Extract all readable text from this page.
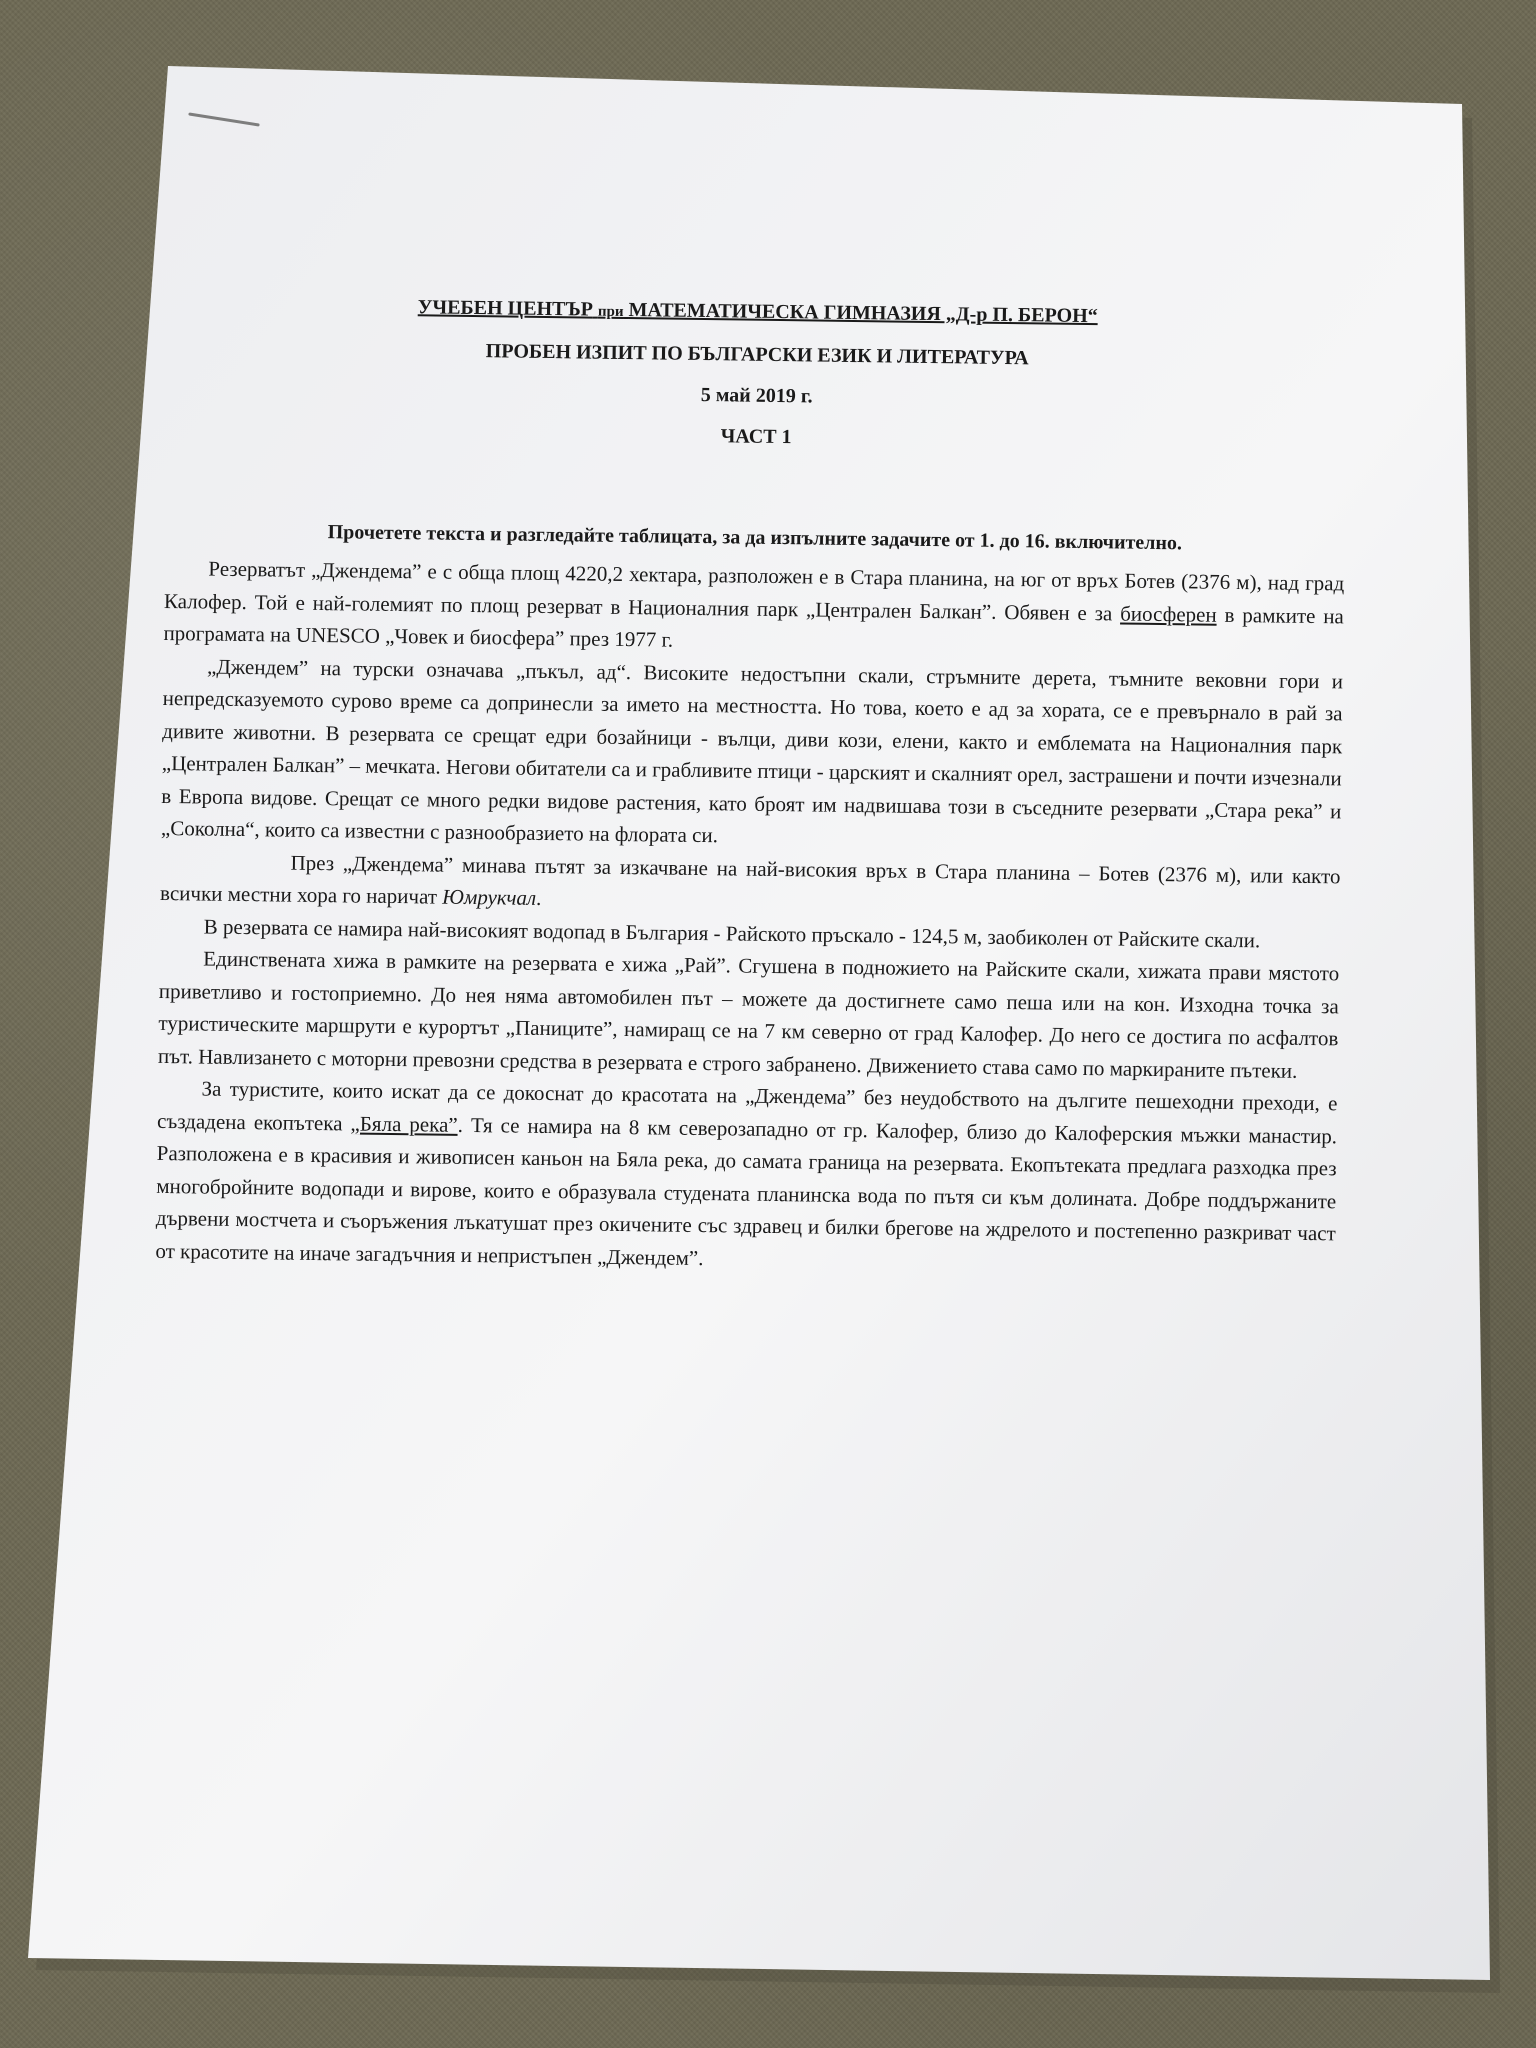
УЧЕБЕН ЦЕНТЪР при МАТЕМАТИЧЕСКА ГИМНАЗИЯ „Д-р П. БЕРОН“
ПРОБЕН ИЗПИТ ПО БЪЛГАРСКИ ЕЗИК И ЛИТЕРАТУРА
5 май 2019 г.
ЧАСТ 1
Прочетете текста и разгледайте таблицата, за да изпълните задачите от 1. до 16. включително.

Резерватът „Джендема” е с обща площ 4220,2 хектара, разположен е в Стара планина, на юг от връх Ботев (2376 м), над град Калофер. Той е най-големият по площ резерват в Националния парк „Централен Балкан”. Обявен е за биосферен в рамките на програмата на UNESCO „Човек и биосфера” през 1977 г.

„Джендем” на турски означава „пъкъл, ад“. Високите недостъпни скали, стръмните дерета, тъмните вековни гори и непредсказуемото сурово време са допринесли за името на местността. Но това, което е ад за хората, се е превърнало в рай за дивите животни. В резервата се срещат едри бозайници - вълци, диви кози, елени, както и емблемата на Националния парк „Централен Балкан” – мечката. Негови обитатели са и грабливите птици - царският и скалният орел, застрашени и почти изчезнали в Европа видове. Срещат се много редки видове растения, като броят им надвишава този в съседните резервати „Стара река” и „Соколна“, които са известни с разнообразието на флората си.

През „Джендема” минава пътят за изкачване на най-високия връх в Стара планина – Ботев (2376 м), или както всички местни хора го наричат Юмрукчал.

В резервата се намира най-високият водопад в България - Райското пръскало - 124,5 м, заобиколен от Райските скали.

Единствената хижа в рамките на резервата е хижа „Рай”. Сгушена в подножието на Райските скали, хижата прави мястото приветливо и гостоприемно. До нея няма автомобилен път – можете да достигнете само пеша или на кон. Изходна точка за туристическите маршрути е курортът „Паниците”, намиращ се на 7 км северно от град Калофер. До него се достига по асфалтов път. Навлизането с моторни превозни средства в резервата е строго забранено. Движението става само по маркираните пътеки.

За туристите, които искат да се докоснат до красотата на „Джендема” без неудобството на дългите пешеходни преходи, е създадена екопътека „Бяла река”. Тя се намира на 8 км северозападно от гр. Калофер, близо до Калоферския мъжки манастир. Разположена е в красивия и живописен каньон на Бяла река, до самата граница на резервата. Екопътеката предлага разходка през многобройните водопади и вирове, които е образувала студената планинска вода по пътя си към долината. Добре поддържаните дървени мостчета и съоръжения лъкатушат през окичените със здравец и билки брегове на ждрелото и постепенно разкриват част от красотите на иначе загадъчния и непристъпен „Джендем”.
